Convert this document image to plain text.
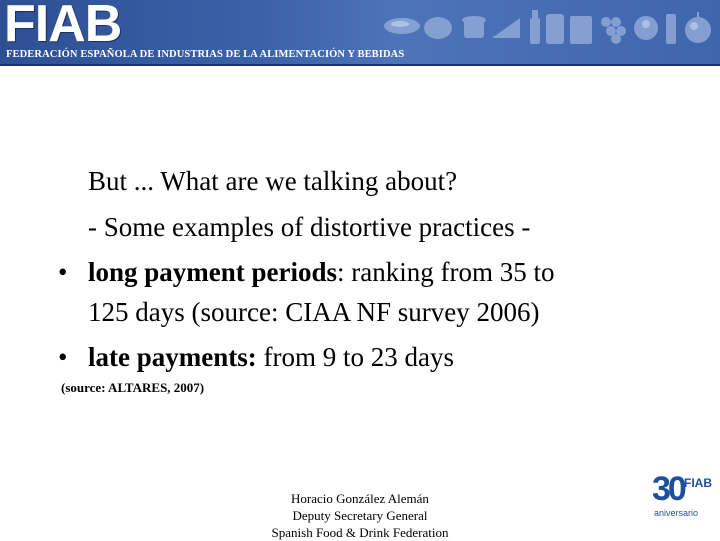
FIAB
FEDERACIÓN ESPAÑOLA DE INDUSTRIAS DE LA ALIMENTACIÓN Y BEBIDAS
But ... What are we talking about?
- Some examples of distortive practices -
• long payment periods: ranking from 35 to
125 days (source: CIAA NF survey 2006)
• late payments: from 9 to 23 days
(source: ALTARES, 2007)
Horacio González Alemán
Deputy Secretary General
Spanish Food & Drink Federation
30 FIAB
aniversario
